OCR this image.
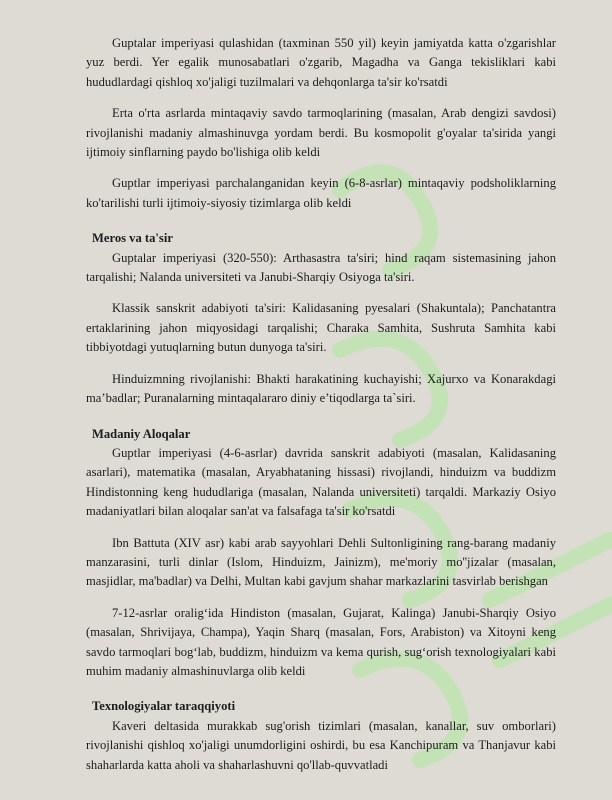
Guptalar imperiyasi qulashidan (taxminan 550 yil) keyin jamiyatda katta o'zgarishlar yuz berdi. Yer egalik munosabatlari o'zgarib, Magadha va Ganga tekisliklari kabi hududlardagi qishloq xo'jaligi tuzilmalari va dehqonlarga ta'sir ko'rsatdi

Erta o'rta asrlarda mintaqaviy savdo tarmoqlarining (masalan, Arab dengizi savdosi) rivojlanishi madaniy almashinuvga yordam berdi. Bu kosmopolit g'oyalar ta'sirida yangi ijtimoiy sinflarning paydo bo'lishiga olib keldi

Guptlar imperiyasi parchalanganidan keyin (6-8-asrlar) mintaqaviy podsholiklarning ko'tarilishi turli ijtimoiy-siyosiy tizimlarga olib keldi

Meros va ta'sir

Guptalar imperiyasi (320-550): Arthasastra ta'siri; hind raqam sistemasining jahon tarqalishi; Nalanda universiteti va Janubi-Sharqiy Osiyoga ta'siri.

Klassik sanskrit adabiyoti ta'siri: Kalidasaning pyesalari (Shakuntala); Panchatantra ertaklarining jahon miqyosidagi tarqalishi; Charaka Samhita, Sushruta Samhita kabi tibbiyotdagi yutuqlarning butun dunyoga ta'siri.

Hinduizmning rivojlanishi: Bhakti harakatining kuchayishi; Xajurxo va Konarakdagi ma’badlar; Puranalarning mintaqalararo diniy e’tiqodlarga ta`siri.

Madaniy Aloqalar

Guptlar imperiyasi (4-6-asrlar) davrida sanskrit adabiyoti (masalan, Kalidasaning asarlari), matematika (masalan, Aryabhataning hissasi) rivojlandi, hinduizm va buddizm Hindistonning keng hududlariga (masalan, Nalanda universiteti) tarqaldi. Markaziy Osiyo madaniyatlari bilan aloqalar san'at va falsafaga ta'sir ko'rsatdi

Ibn Battuta (XIV asr) kabi arab sayyohlari Dehli Sultonligining rang-barang madaniy manzarasini, turli dinlar (Islom, Hinduizm, Jainizm), me'moriy mo''jizalar (masalan, masjidlar, ma'badlar) va Delhi, Multan kabi gavjum shahar markazlarini tasvirlab berishgan

7-12-asrlar oralig‘ida Hindiston (masalan, Gujarat, Kalinga) Janubi-Sharqiy Osiyo (masalan, Shrivijaya, Champa), Yaqin Sharq (masalan, Fors, Arabiston) va Xitoyni keng savdo tarmoqlari bog‘lab, buddizm, hinduizm va kema qurish, sug‘orish texnologiyalari kabi muhim madaniy almashinuvlarga olib keldi

Texnologiyalar taraqqiyoti

Kaveri deltasida murakkab sug'orish tizimlari (masalan, kanallar, suv omborlari) rivojlanishi qishloq xo'jaligi unumdorligini oshirdi, bu esa Kanchipuram va Thanjavur kabi shaharlarda katta aholi va shaharlashuvni qo'llab-quvvatladi
